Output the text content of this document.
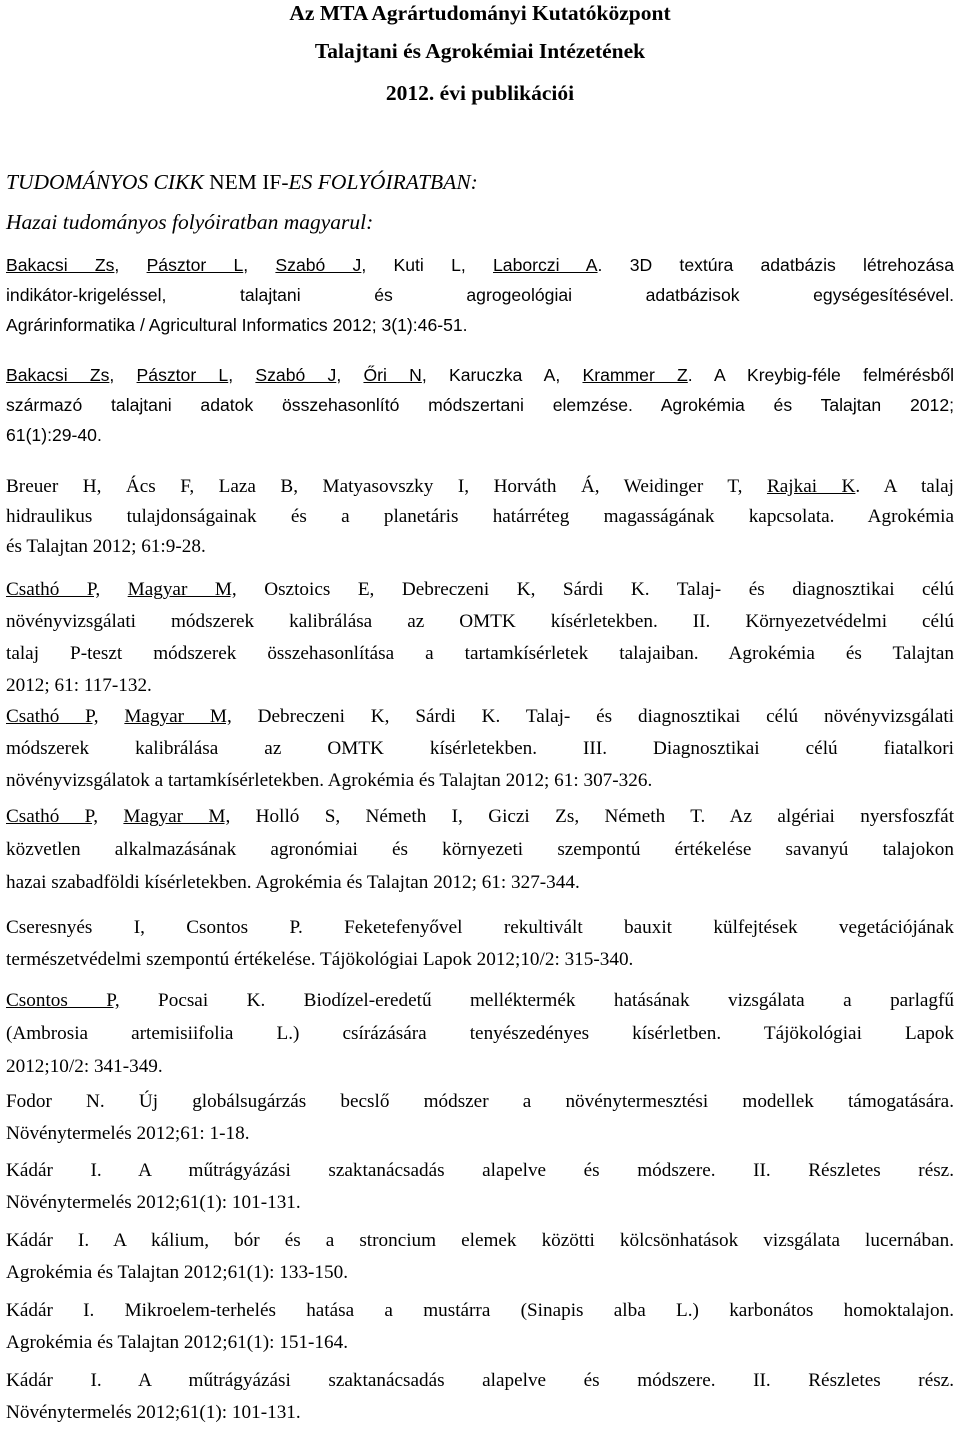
Az MTA Agrártudományi Kutatóközpont
Talajtani és Agrokémiai Intézetének
2012. évi publikációi
TUDOMÁNYOS CIKK NEM IF-ES FOLYÓIRATBAN:
Hazai tudományos folyóiratban magyarul:
Bakacsi Zs, Pásztor L, Szabó J, Kuti L, Laborczi A. 3D textúra adatbázis létrehozása
indikátor-krigeléssel, talajtani és agrogeológiai adatbázisok egységesítésével.
Agrárinformatika / Agricultural Informatics 2012; 3(1):46-51.
Bakacsi Zs, Pásztor L, Szabó J, Őri N, Karuczka A, Krammer Z. A Kreybig-féle felmérésből
származó talajtani adatok összehasonlító módszertani elemzése. Agrokémia és Talajtan 2012;
61(1):29-40.
Breuer H, Ács F, Laza B, Matyasovszky I, Horváth Á, Weidinger T, Rajkai K. A talaj
hidraulikus tulajdonságainak és a planetáris határréteg magasságának kapcsolata. Agrokémia
és Talajtan 2012; 61:9-28.
Csathó P, Magyar M, Osztoics E, Debreczeni K, Sárdi K. Talaj- és diagnosztikai célú
növényvizsgálati módszerek kalibrálása az OMTK kísérletekben. II. Környezetvédelmi célú
talaj P-teszt módszerek összehasonlítása a tartamkísérletek talajaiban. Agrokémia és Talajtan
2012; 61: 117-132.
Csathó P, Magyar M, Debreczeni K, Sárdi K. Talaj- és diagnosztikai célú növényvizsgálati
módszerek kalibrálása az OMTK kísérletekben. III. Diagnosztikai célú fiatalkori
növényvizsgálatok a tartamkísérletekben. Agrokémia és Talajtan 2012; 61: 307-326.
Csathó P, Magyar M, Holló S, Németh I, Giczi Zs, Németh T. Az algériai nyersfoszfát
közvetlen alkalmazásának agronómiai és környezeti szempontú értékelése savanyú talajokon
hazai szabadföldi kísérletekben. Agrokémia és Talajtan 2012; 61: 327-344.
Cseresnyés I, Csontos P. Feketefenyővel rekultivált bauxit külfejtések vegetációjának
természetvédelmi szempontú értékelése. Tájökológiai Lapok 2012;10/2: 315-340.
Csontos P, Pocsai K. Biodízel-eredetű melléktermék hatásának vizsgálata a parlagfű
(Ambrosia artemisiifolia L.) csírázására tenyészedényes kísérletben. Tájökológiai Lapok
2012;10/2: 341-349.
Fodor N. Új globálsugárzás becslő módszer a növénytermesztési modellek támogatására.
Növénytermelés 2012;61: 1-18.
Kádár I. A műtrágyázási szaktanácsadás alapelve és módszere. II. Részletes rész.
Növénytermelés 2012;61(1): 101-131.
Kádár I. A kálium, bór és a stroncium elemek közötti kölcsönhatások vizsgálata lucernában.
Agrokémia és Talajtan 2012;61(1): 133-150.
Kádár I. Mikroelem-terhelés hatása a mustárra (Sinapis alba L.) karbonátos homoktalajon.
Agrokémia és Talajtan 2012;61(1): 151-164.
Kádár I. A műtrágyázási szaktanácsadás alapelve és módszere. II. Részletes rész.
Növénytermelés 2012;61(1): 101-131.
